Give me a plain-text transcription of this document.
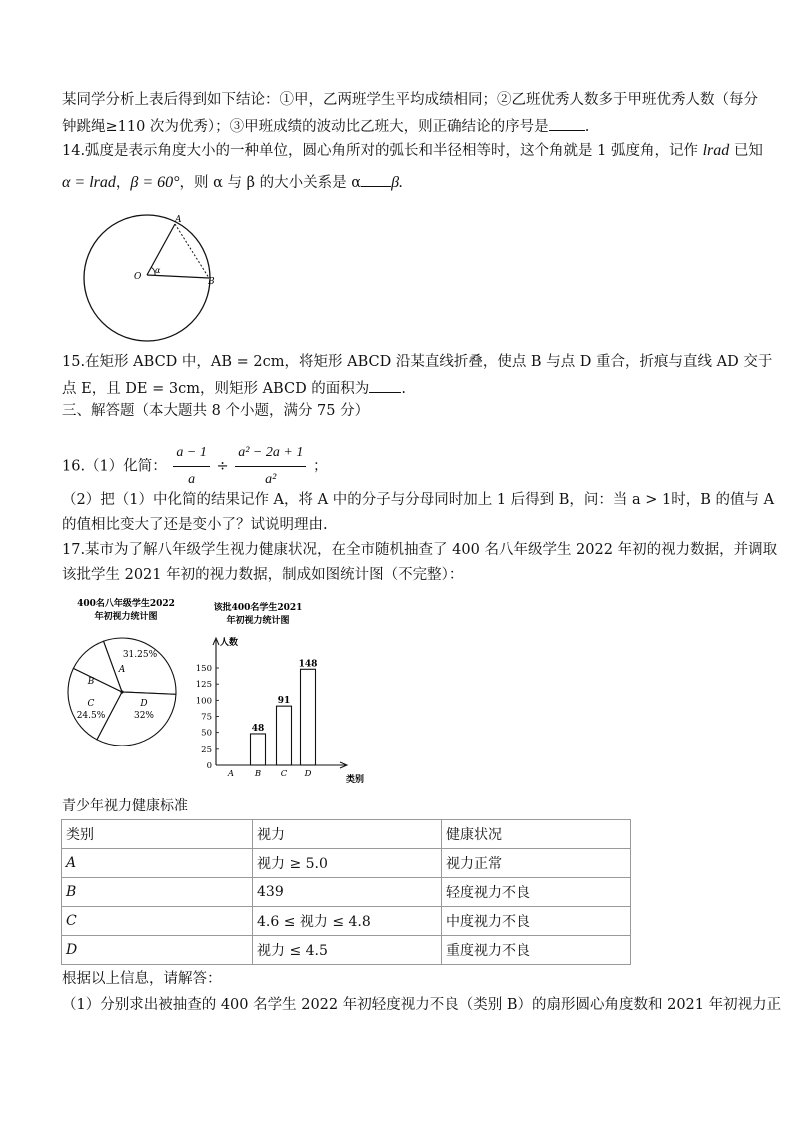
某同学分析上表后得到如下结论：①甲，乙两班学生平均成绩相同；②乙班优秀人数多于甲班优秀人数（每分
钟跳绳≥110 次为优秀）；③甲班成绩的波动比乙班大，则正确结论的序号是 .
14.弧度是表示角度大小的一种单位，圆心角所对的弧长和半径相等时，这个角就是 1 弧度角，记作 lrad 已知
α = lrad，β = 60°，则 α 与 β 的大小关系是 α β.
A
B
O
α
15.在矩形 ABCD 中，AB = 2cm，将矩形 ABCD 沿某直线折叠，使点 B 与点 D 重合，折痕与直线 AD 交于
点 E，且 DE = 3cm，则矩形 ABCD 的面积为 .
三、解答题（本大题共 8 个小题，满分 75 分）
16.（1）化简： $\frac{a - 1}{a} \div \frac{\text{a² − 2a + 1}}{\text{a²}}$ ；
（2）把（1）中化简的结果记作 A，将 A 中的分子与分母同时加上 1 后得到 B，问：当 a > 1时，B 的值与 A
的值相比变大了还是变小了？试说明理由.
17.某市为了解八年级学生视力健康状况，在全市随机抽查了 400 名八年级学生 2022 年初的视力数据，并调取
该批学生 2021 年初的视力数据，制成如图统计图（不完整）：
400名八年级学生2022
年初视力统计图
31.25%
A
B
C
24.5%
D
32%
该批400名学生2021
年初视力统计图
人数
类别
0
25
50
75
100
125
150
A B
48
C
91
D
148
青少年视力健康标准
类别	视力	健康状况
A	视力 ≥ 5.0	视力正常
B	439	轻度视力不良
C	4.6 ≤ 视力 ≤ 4.8	中度视力不良
D	视力 ≤ 4.5	重度视力不良
根据以上信息，请解答：
（1）分别求出被抽查的 400 名学生 2022 年初轻度视力不良（类别 B）的扇形圆心角度数和 2021 年初视力正
